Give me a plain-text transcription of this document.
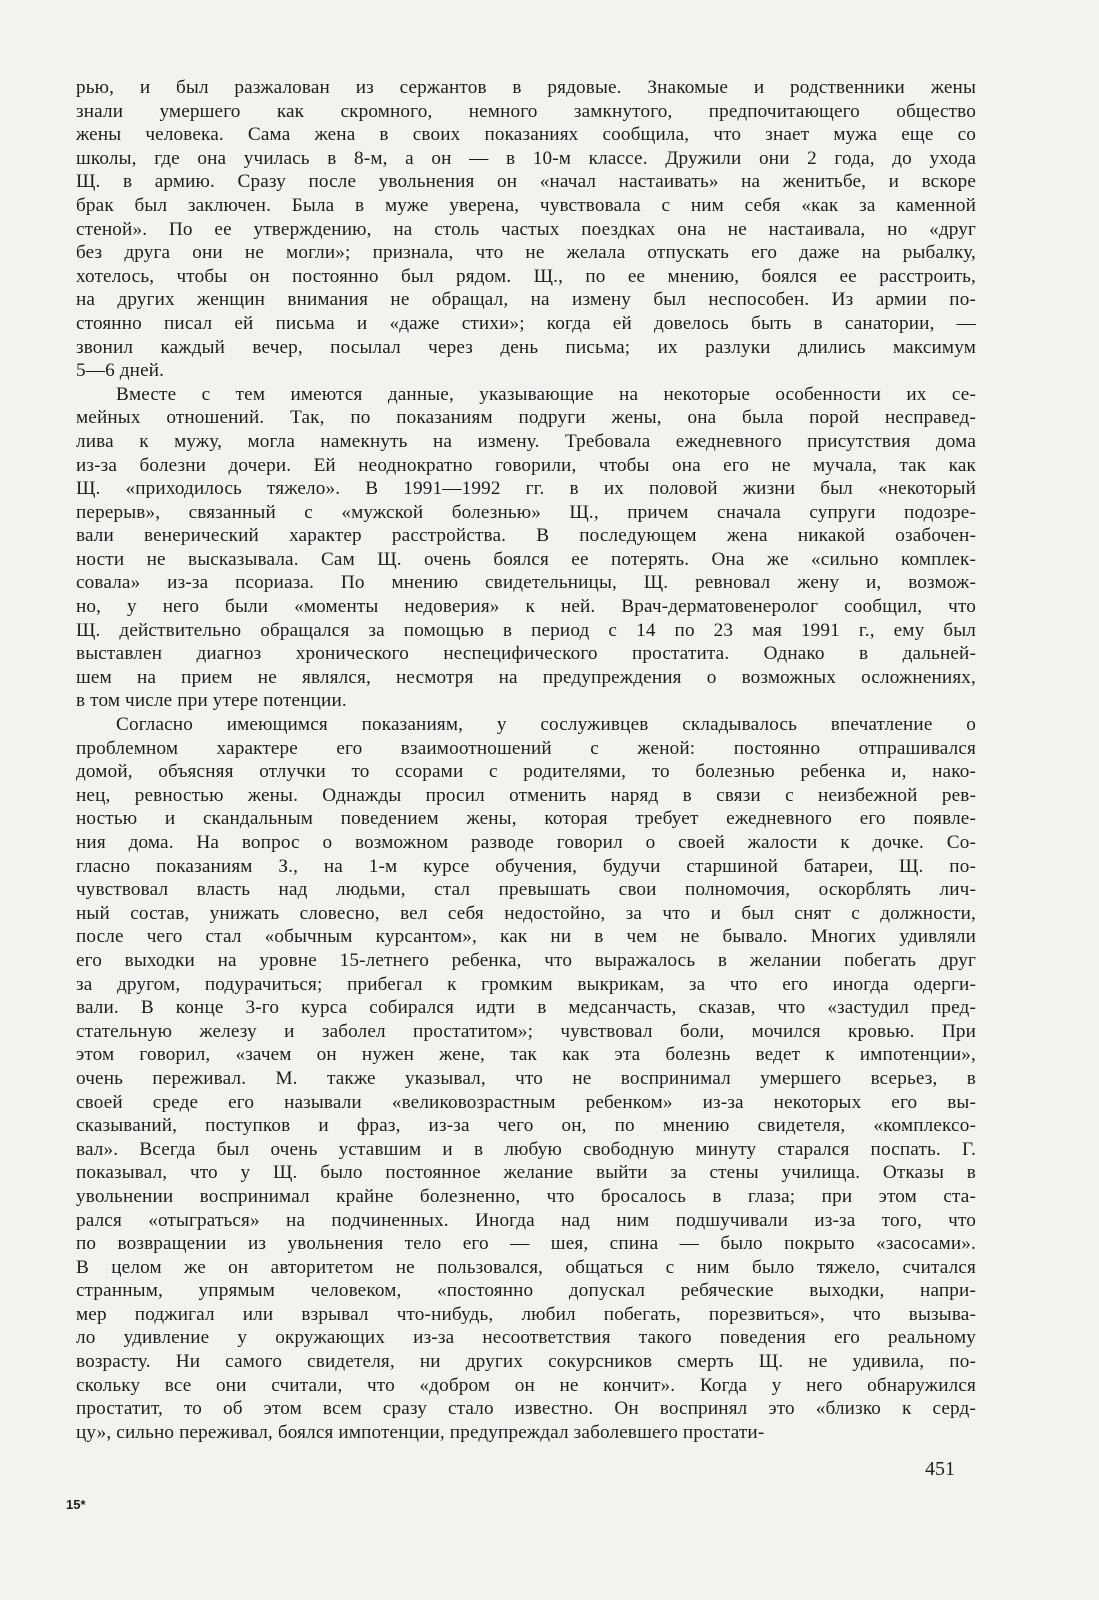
рью, и был разжалован из сержантов в рядовые. Знакомые и родственники жены
знали умершего как скромного, немного замкнутого, предпочитающего общество
жены человека. Сама жена в своих показаниях сообщила, что знает мужа еще со
школы, где она училась в 8-м, а он — в 10-м классе. Дружили они 2 года, до ухода
Щ. в армию. Сразу после увольнения он «начал настаивать» на женитьбе, и вскоре
брак был заключен. Была в муже уверена, чувствовала с ним себя «как за каменной
стеной». По ее утверждению, на столь частых поездках она не настаивала, но «друг
без друга они не могли»; признала, что не желала отпускать его даже на рыбалку,
хотелось, чтобы он постоянно был рядом. Щ., по ее мнению, боялся ее расстроить,
на других женщин внимания не обращал, на измену был неспособен. Из армии по-
стоянно писал ей письма и «даже стихи»; когда ей довелось быть в санатории, —
звонил каждый вечер, посылал через день письма; их разлуки длились максимум
5—6 дней.
Вместе с тем имеются данные, указывающие на некоторые особенности их се-
мейных отношений. Так, по показаниям подруги жены, она была порой несправед-
лива к мужу, могла намекнуть на измену. Требовала ежедневного присутствия дома
из-за болезни дочери. Ей неоднократно говорили, чтобы она его не мучала, так как
Щ. «приходилось тяжело». В 1991—1992 гг. в их половой жизни был «некоторый
перерыв», связанный с «мужской болезнью» Щ., причем сначала супруги подозре-
вали венерический характер расстройства. В последующем жена никакой озабочен-
ности не высказывала. Сам Щ. очень боялся ее потерять. Она же «сильно комплек-
совала» из-за псориаза. По мнению свидетельницы, Щ. ревновал жену и, возмож-
но, у него были «моменты недоверия» к ней. Врач-дерматовенеролог сообщил, что
Щ. действительно обращался за помощью в период с 14 по 23 мая 1991 г., ему был
выставлен диагноз хронического неспецифического простатита. Однако в дальней-
шем на прием не являлся, несмотря на предупреждения о возможных осложнениях,
в том числе при утере потенции.
Согласно имеющимся показаниям, у сослуживцев складывалось впечатление о
проблемном характере его взаимоотношений с женой: постоянно отпрашивался
домой, объясняя отлучки то ссорами с родителями, то болезнью ребенка и, нако-
нец, ревностью жены. Однажды просил отменить наряд в связи с неизбежной рев-
ностью и скандальным поведением жены, которая требует ежедневного его появле-
ния дома. На вопрос о возможном разводе говорил о своей жалости к дочке. Со-
гласно показаниям З., на 1-м курсе обучения, будучи старшиной батареи, Щ. по-
чувствовал власть над людьми, стал превышать свои полномочия, оскорблять лич-
ный состав, унижать словесно, вел себя недостойно, за что и был снят с должности,
после чего стал «обычным курсантом», как ни в чем не бывало. Многих удивляли
его выходки на уровне 15-летнего ребенка, что выражалось в желании побегать друг
за другом, подурачиться; прибегал к громким выкрикам, за что его иногда одерги-
вали. В конце 3-го курса собирался идти в медсанчасть, сказав, что «застудил пред-
стательную железу и заболел простатитом»; чувствовал боли, мочился кровью. При
этом говорил, «зачем он нужен жене, так как эта болезнь ведет к импотенции»,
очень переживал. М. также указывал, что не воспринимал умершего всерьез, в
своей среде его называли «великовозрастным ребенком» из-за некоторых его вы-
сказываний, поступков и фраз, из-за чего он, по мнению свидетеля, «комплексо-
вал». Всегда был очень уставшим и в любую свободную минуту старался поспать. Г.
показывал, что у Щ. было постоянное желание выйти за стены училища. Отказы в
увольнении воспринимал крайне болезненно, что бросалось в глаза; при этом ста-
рался «отыграться» на подчиненных. Иногда над ним подшучивали из-за того, что
по возвращении из увольнения тело его — шея, спина — было покрыто «засосами».
В целом же он авторитетом не пользовался, общаться с ним было тяжело, считался
странным, упрямым человеком, «постоянно допускал ребяческие выходки, напри-
мер поджигал или взрывал что-нибудь, любил побегать, порезвиться», что вызыва-
ло удивление у окружающих из-за несоответствия такого поведения его реальному
возрасту. Ни самого свидетеля, ни других сокурсников смерть Щ. не удивила, по-
скольку все они считали, что «добром он не кончит». Когда у него обнаружился
простатит, то об этом всем сразу стало известно. Он воспринял это «близко к серд-
цу», сильно переживал, боялся импотенции, предупреждал заболевшего простати-
451
15*
